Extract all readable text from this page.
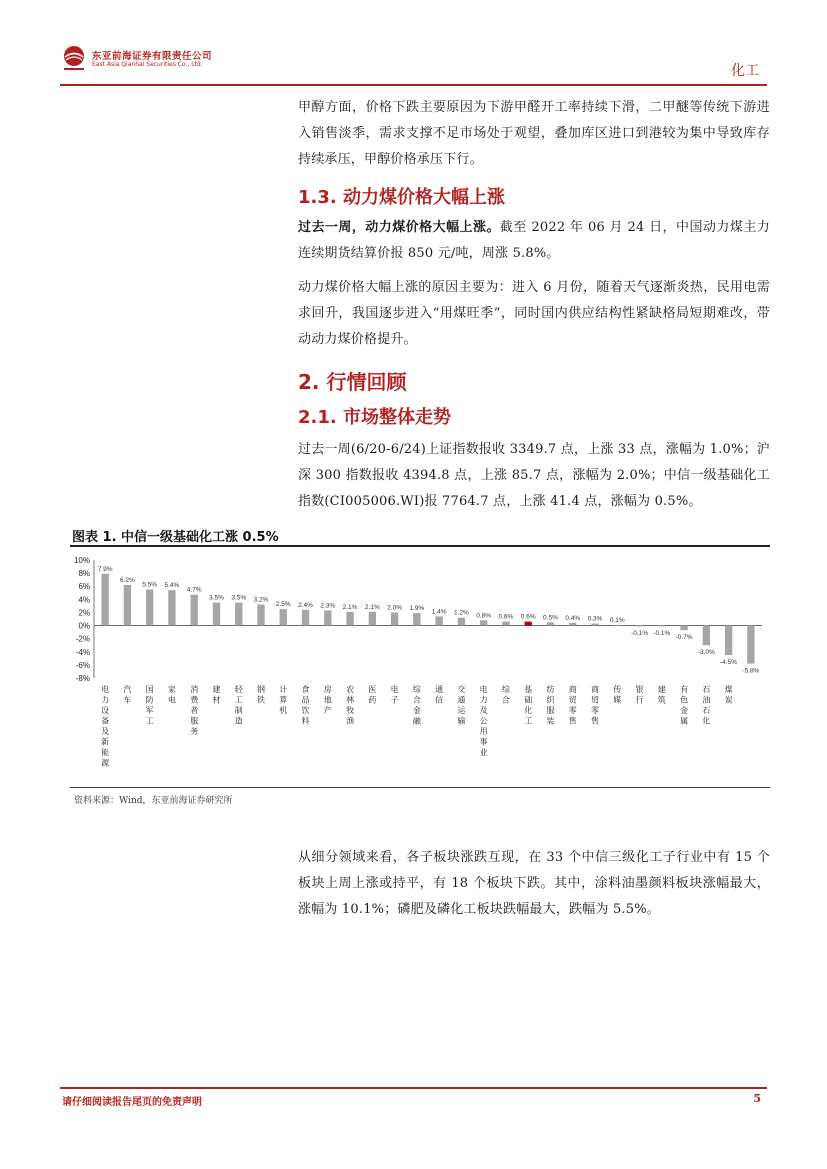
东亚前海证券有限责任公司
East Asia Qianhai Securities Co., Ltd.	化工

甲醇方面，价格下跌主要原因为下游甲醛开工率持续下滑，二甲醚等传统下游进入销售淡季，需求支撑不足市场处于观望，叠加库区进口到港较为集中导致库存持续承压，甲醇价格承压下行。

1.3. 动力煤价格大幅上涨

过去一周，动力煤价格大幅上涨。截至 2022 年 06 月 24 日，中国动力煤主力连续期货结算价报 850 元/吨，周涨 5.8%。

动力煤价格大幅上涨的原因主要为：进入 6 月份，随着天气逐渐炎热，民用电需求回升，我国逐步进入“用煤旺季”，同时国内供应结构性紧缺格局短期难改，带动动力煤价格提升。

2. 行情回顾
2.1. 市场整体走势

过去一周(6/20-6/24)上证指数报收 3349.7 点，上涨 33 点，涨幅为 1.0%；沪深 300 指数报收 4394.8 点，上涨 85.7 点，涨幅为 2.0%；中信一级基础化工指数(CI005006.WI)报 7764.7 点，上涨 41.4 点，涨幅为 0.5%。

图表 1. 中信一级基础化工涨 0.5%
10%
8%
6%
4%
2%
0%
-2%
-4%
-6%
-8%
7.9%
6.2%
5.5% 5.4%
4.7%
3.5% 3.5% 3.2%
2.5% 2.4% 2.3% 2.1% 2.1% 2.0% 1.9% 1.4% 1.2% 0.8% 0.6% 0.6% 0.5% 0.4% 0.3% 0.1%
-0.1% -0.1%
-0.7%
-3.0%
-4.5%
-5.8%
电力设备及新能源
汽车
国防军工
家电
消费者服务
建材
轻工制造
钢铁
计算机
食品饮料
房地产
农林牧渔
医药
电子
综合金融
通信
交通运输
电力及公用事业
综合
基础化工
纺织服装
商贸零售
商贸零售
传媒
银行
建筑
有色金属
石油石化
煤炭
资料来源：Wind，东亚前海证券研究所

从细分领域来看，各子板块涨跌互现，在 33 个中信三级化工子行业中有 15 个板块上周上涨或持平，有 18 个板块下跌。其中，涂料油墨颜料板块涨幅最大，涨幅为 10.1%；磷肥及磷化工板块跌幅最大，跌幅为 5.5%。

请仔细阅读报告尾页的免责声明	5
